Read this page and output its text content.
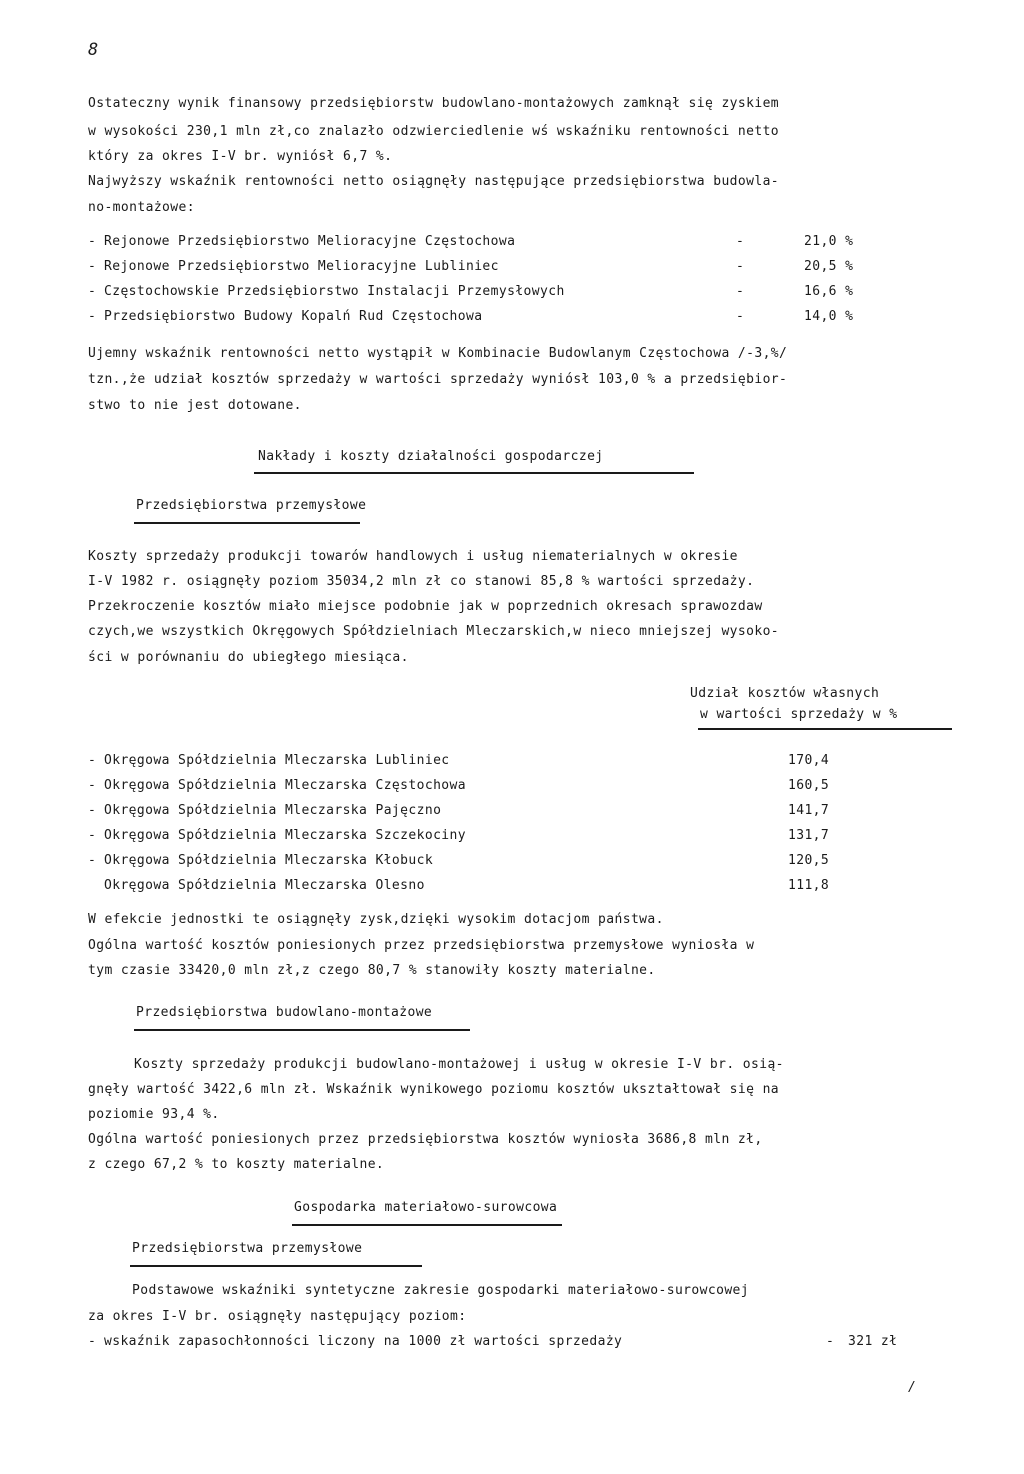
8
Ostateczny wynik finansowy przedsiębiorstw budowlano-montażowych zamknął się zyskiem
w wysokości 230,1 mln zł,co znalazło odzwierciedlenie wś wskaźniku rentowności netto
który za okres I-V br. wyniósł 6,7 %.
Najwyższy wskaźnik rentowności netto osiągnęły następujące przedsiębiorstwa budowla-
no-montażowe:
- Rejonowe Przedsiębiorstwo Melioracyjne Częstochowa	-	21,0 %
- Rejonowe Przedsiębiorstwo Melioracyjne Lubliniec	-	20,5 %
- Częstochowskie Przedsiębiorstwo Instalacji Przemysłowych	-	16,6 %
- Przedsiębiorstwo Budowy Kopalń Rud Częstochowa	-	14,0 %
Ujemny wskaźnik rentowności netto wystąpił w Kombinacie Budowlanym Częstochowa /-3,%/
tzn.,że udział kosztów sprzedaży w wartości sprzedaży wyniósł 103,0 % a przedsiębior-
stwo to nie jest dotowane.
Nakłady i koszty działalności gospodarczej
Przedsiębiorstwa przemysłowe
Koszty sprzedaży produkcji towarów handlowych i usług niematerialnych w okresie
I-V 1982 r. osiągnęły poziom 35034,2 mln zł co stanowi 85,8 % wartości sprzedaży.
Przekroczenie kosztów miało miejsce podobnie jak w poprzednich okresach sprawozdaw
czych,we wszystkich Okręgowych Spółdzielniach Mleczarskich,w nieco mniejszej wysoko-
ści w porównaniu do ubiegłego miesiąca.
Udział kosztów własnych
w wartości sprzedaży w %
- Okręgowa Spółdzielnia Mleczarska Lubliniec	170,4
- Okręgowa Spółdzielnia Mleczarska Częstochowa	160,5
- Okręgowa Spółdzielnia Mleczarska Pajęczno	141,7
- Okręgowa Spółdzielnia Mleczarska Szczekociny	131,7
- Okręgowa Spółdzielnia Mleczarska Kłobuck	120,5
Okręgowa Spółdzielnia Mleczarska Olesno	111,8
W efekcie jednostki te osiągnęły zysk,dzięki wysokim dotacjom państwa.
Ogólna wartość kosztów poniesionych przez przedsiębiorstwa przemysłowe wyniosła w
tym czasie 33420,0 mln zł,z czego 80,7 % stanowiły koszty materialne.
Przedsiębiorstwa budowlano-montażowe
Koszty sprzedaży produkcji budowlano-montażowej i usług w okresie I-V br. osią-
gnęły wartość 3422,6 mln zł. Wskaźnik wynikowego poziomu kosztów ukształtował się na
poziomie 93,4 %.
Ogólna wartość poniesionych przez przedsiębiorstwa kosztów wyniosła 3686,8 mln zł,
z czego 67,2 % to koszty materialne.
Gospodarka materiałowo-surowcowa
Przedsiębiorstwa przemysłowe
Podstawowe wskaźniki syntetyczne zakresie gospodarki materiałowo-surowcowej
za okres I-V br. osiągnęły następujący poziom:
- wskaźnik zapasochłonności liczony na 1000 zł wartości sprzedaży	- 321 zł
/
